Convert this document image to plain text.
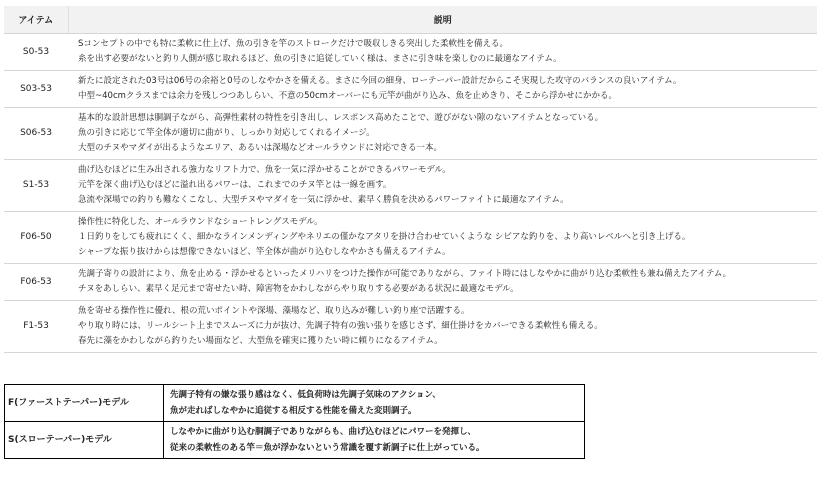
アイテム	説明
S0-53	Sコンセプトの中でも特に柔軟に仕上げ、魚の引きを竿のストロークだけで吸収しきる突出した柔軟性を備える。
糸を出す必要がないと釣り人側が感じ取れるほど、魚の引きに追従していく様は、まさに引き味を楽しむのに最適なアイテム。

S03-53	新たに設定された03号は06号の余裕と0号のしなやかさを備える。まさに今回の細身、ローテーパー設計だからこそ実現した攻守のバランスの良いアイテム。
中型~40cmクラスまでは余力を残しつつあしらい、不意の50cmオーバーにも元竿が曲がり込み、魚を止めきり、そこから浮かせにかかる。

S06-53	基本的な設計思想は胴調子ながら、高弾性素材の特性を引き出し、レスポンス高めたことで、遊びがない隙のないアイテムとなっている。
魚の引きに応じて竿全体が適切に曲がり、しっかり対応してくれるイメージ。
大型のチヌやマダイが出るようなエリア、あるいは深場などオールラウンドに対応できる一本。

S1-53	曲げ込むほどに生み出される強力なリフト力で、魚を一気に浮かせることができるパワーモデル。
元竿を深く曲げ込むほどに溢れ出るパワーは、これまでのチヌ竿とは一線を画す。
急流や深場での釣りも難なくこなし、大型チヌやマダイを一気に浮かせ、素早く勝負を決めるパワーファイトに最適なアイテム。

F06-50	操作性に特化した、オールラウンドなショートレングスモデル。
１日釣りをしても疲れにくく、細かなラインメンディングやネリエの僅かなアタリを掛け合わせていくような シビアな釣りを、より高いレベルへと引き上げる。
シャープな振り抜けからは想像できないほど、竿全体が曲がり込むしなやかさも備えるアイテム。

F06-53	先調子寄りの設計により、魚を止める・浮かせるといったメリハリをつけた操作が可能でありながら、ファイト時にはしなやかに曲がり込む柔軟性も兼ね備えたアイテム。
チヌをあしらい、素早く足元まで寄せたい時、障害物をかわしながらやり取りする必要がある状況に最適なモデル。

F1-53	魚を寄せる操作性に優れ、根の荒いポイントや深場、藻場など、取り込みが難しい釣り座で活躍する。
やり取り時には、リールシート上までスムーズに力が抜け、先調子特有の強い張りを感じさず、細仕掛けをカバーできる柔軟性も備える。
春先に藻をかわしながら釣りたい場面など、大型魚を確実に獲りたい時に頼りになるアイテム。
F(ファーストテーパー)モデル	先調子特有の嫌な張り感はなく、低負荷時は先調子気味のアクション、
魚が走ればしなやかに追従する相反する性能を備えた変則調子。

S(スローテーパー)モデル	しなやかに曲がり込む胴調子でありながらも、曲げ込むほどにパワーを発揮し、
従来の柔軟性のある竿＝魚が浮かないという常識を覆す新調子に仕上がっている。
